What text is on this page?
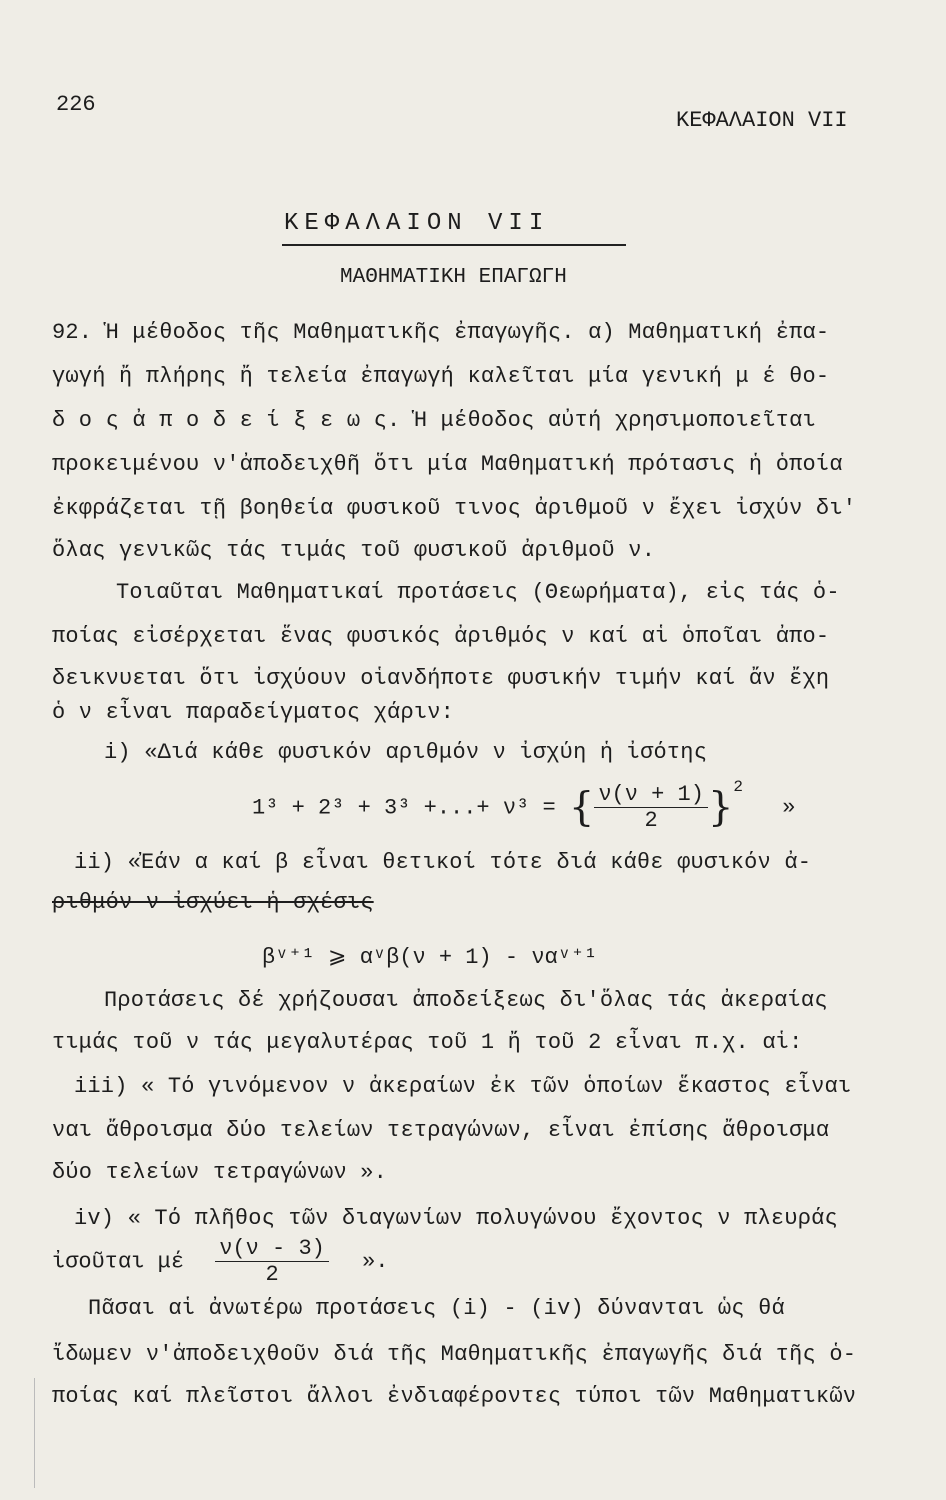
226
ΚΕΦΑΛΑΙΟΝ VII
ΚΕΦΑΛΑΙΟΝ VII
ΜΑΘΗΜΑΤΙΚΗ ΕΠΑΓΩΓΗ
92. Ἡ μέθοδος τῆς Μαθηματικῆς ἐπαγωγῆς. α) Μαθηματική ἐπα-
γωγή ἤ πλήρης ἤ τελεία ἐπαγωγή καλεῖται μία γενική μ έ θο-
δ ο ς ἀ π ο δ ε ί ξ ε ω ς. Ἡ μέθοδος αὐτή χρησιμοποιεῖται
προκειμένου ν'ἀποδειχθῆ ὅτι μία Μαθηματική πρότασις ἡ ὁποία
ἐκφράζεται τῇ βοηθεία φυσικοῦ τινος ἀριθμοῦ ν ἔχει ἰσχύν δι'
ὅλας γενικῶς τάς τιμάς τοῦ φυσικοῦ ἀριθμοῦ ν.
Τοιαῦται Μαθηματικαί προτάσεις (Θεωρήματα), εἰς τάς ὁ-
ποίας εἰσέρχεται ἕνας φυσικός ἀριθμός ν καί αἱ ὁποῖαι ἀπο-
δεικνυεται ὅτι ἰσχύουν οἱανδήποτε φυσικήν τιμήν καί ἄν ἔχη
ὁ ν εἶναι παραδείγματος χάριν:
i) «Διά κάθε φυσικόν αριθμόν ν ἰσχύη ἡ ἰσότης
1³ + 2³ + 3³ +...+ ν³ = { $\frac{\nu(\nu + 1)}{2} \}^2$ »
ii) «Ἐάν α καί β εἶναι θετικοί τότε διά κάθε φυσικόν ἀ-
ριθμόν ν ἰσχύει ἡ σχέσις
βᵛ⁺¹ ⩾ αᵛβ(ν + 1) - ναᵛ⁺¹
Προτάσεις δέ χρήζουσαι ἀποδείξεως δι'ὅλας τάς ἀκεραίας
τιμάς τοῦ ν τάς μεγαλυτέρας τοῦ 1 ἤ τοῦ 2 εἶναι π.χ. αἱ:
iii) « Τό γινόμενον ν ἀκεραίων ἐκ τῶν ὁποίων ἕκαστος εἶναι
ναι ἄθροισμα δύο τελείων τετραγώνων, εἶναι ἐπίσης ἄθροισμα
δύο τελείων τετραγώνων ».
iv) « Τό πλῆθος τῶν διαγωνίων πολυγώνου ἔχοντος ν πλευράς
ἰσοῦται μέ $\frac{\nu(\nu - 3)}{2}$ ».
Πᾶσαι αἱ ἀνωτέρω προτάσεις (i) - (iv) δύνανται ὡς θά
ἴδωμεν ν'ἀποδειχθοῦν διά τῆς Μαθηματικῆς ἐπαγωγῆς διά τῆς ὁ-
ποίας καί πλεῖστοι ἄλλοι ἐνδιαφέροντες τύποι τῶν Μαθηματικῶν
